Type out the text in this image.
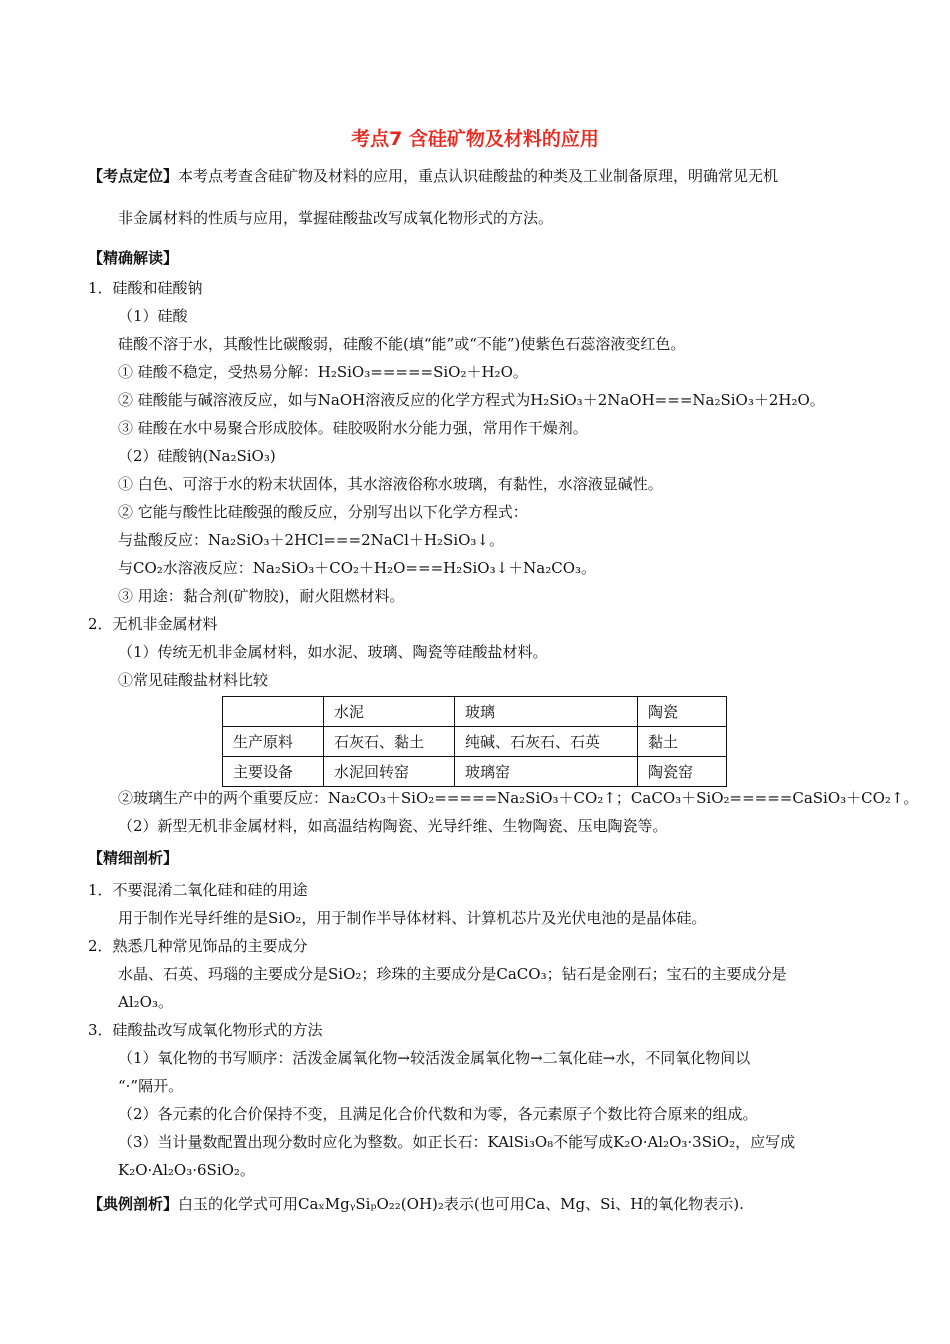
考点7 含硅矿物及材料的应用
【考点定位】本考点考查含硅矿物及材料的应用，重点认识硅酸盐的种类及工业制备原理，明确常见无机
非金属材料的性质与应用，掌握硅酸盐改写成氧化物形式的方法。
【精确解读】
1．硅酸和硅酸钠
（1）硅酸
硅酸不溶于水，其酸性比碳酸弱，硅酸不能(填“能”或“不能”)使紫色石蕊溶液变红色。
① 硅酸不稳定，受热易分解：H₂SiO₃=====SiO₂＋H₂O。
② 硅酸能与碱溶液反应，如与NaOH溶液反应的化学方程式为H₂SiO₃＋2NaOH===Na₂SiO₃＋2H₂O。
③ 硅酸在水中易聚合形成胶体。硅胶吸附水分能力强，常用作干燥剂。
（2）硅酸钠(Na₂SiO₃)
① 白色、可溶于水的粉末状固体，其水溶液俗称水玻璃，有黏性，水溶液显碱性。
② 它能与酸性比硅酸强的酸反应，分别写出以下化学方程式：
与盐酸反应：Na₂SiO₃＋2HCl===2NaCl＋H₂SiO₃↓。
与CO₂水溶液反应：Na₂SiO₃＋CO₂＋H₂O===H₂SiO₃↓＋Na₂CO₃。
③ 用途：黏合剂(矿物胶)，耐火阻燃材料。
2．无机非金属材料
（1）传统无机非金属材料，如水泥、玻璃、陶瓷等硅酸盐材料。
①常见硅酸盐材料比较
	水泥	玻璃	陶瓷
生产原料	石灰石、黏土	纯碱、石灰石、石英	黏土
主要设备	水泥回转窑	玻璃窑	陶瓷窑
②玻璃生产中的两个重要反应：Na₂CO₃＋SiO₂=====Na₂SiO₃＋CO₂↑；CaCO₃＋SiO₂=====CaSiO₃＋CO₂↑。
（2）新型无机非金属材料，如高温结构陶瓷、光导纤维、生物陶瓷、压电陶瓷等。
【精细剖析】
1．不要混淆二氧化硅和硅的用途
用于制作光导纤维的是SiO₂，用于制作半导体材料、计算机芯片及光伏电池的是晶体硅。
2．熟悉几种常见饰品的主要成分
水晶、石英、玛瑙的主要成分是SiO₂；珍珠的主要成分是CaCO₃；钻石是金刚石；宝石的主要成分是
Al₂O₃。
3．硅酸盐改写成氧化物形式的方法
（1）氧化物的书写顺序：活泼金属氧化物→较活泼金属氧化物→二氧化硅→水，不同氧化物间以
“·”隔开。
（2）各元素的化合价保持不变，且满足化合价代数和为零，各元素原子个数比符合原来的组成。
（3）当计量数配置出现分数时应化为整数。如正长石：KAlSi₃O₈不能写成K₂O·Al₂O₃·3SiO₂，应写成
K₂O·Al₂O₃·6SiO₂。
【典例剖析】白玉的化学式可用CaₓMgᵧSiₚO₂₂(OH)₂表示(也可用Ca、Mg、Si、H的氧化物表示).
